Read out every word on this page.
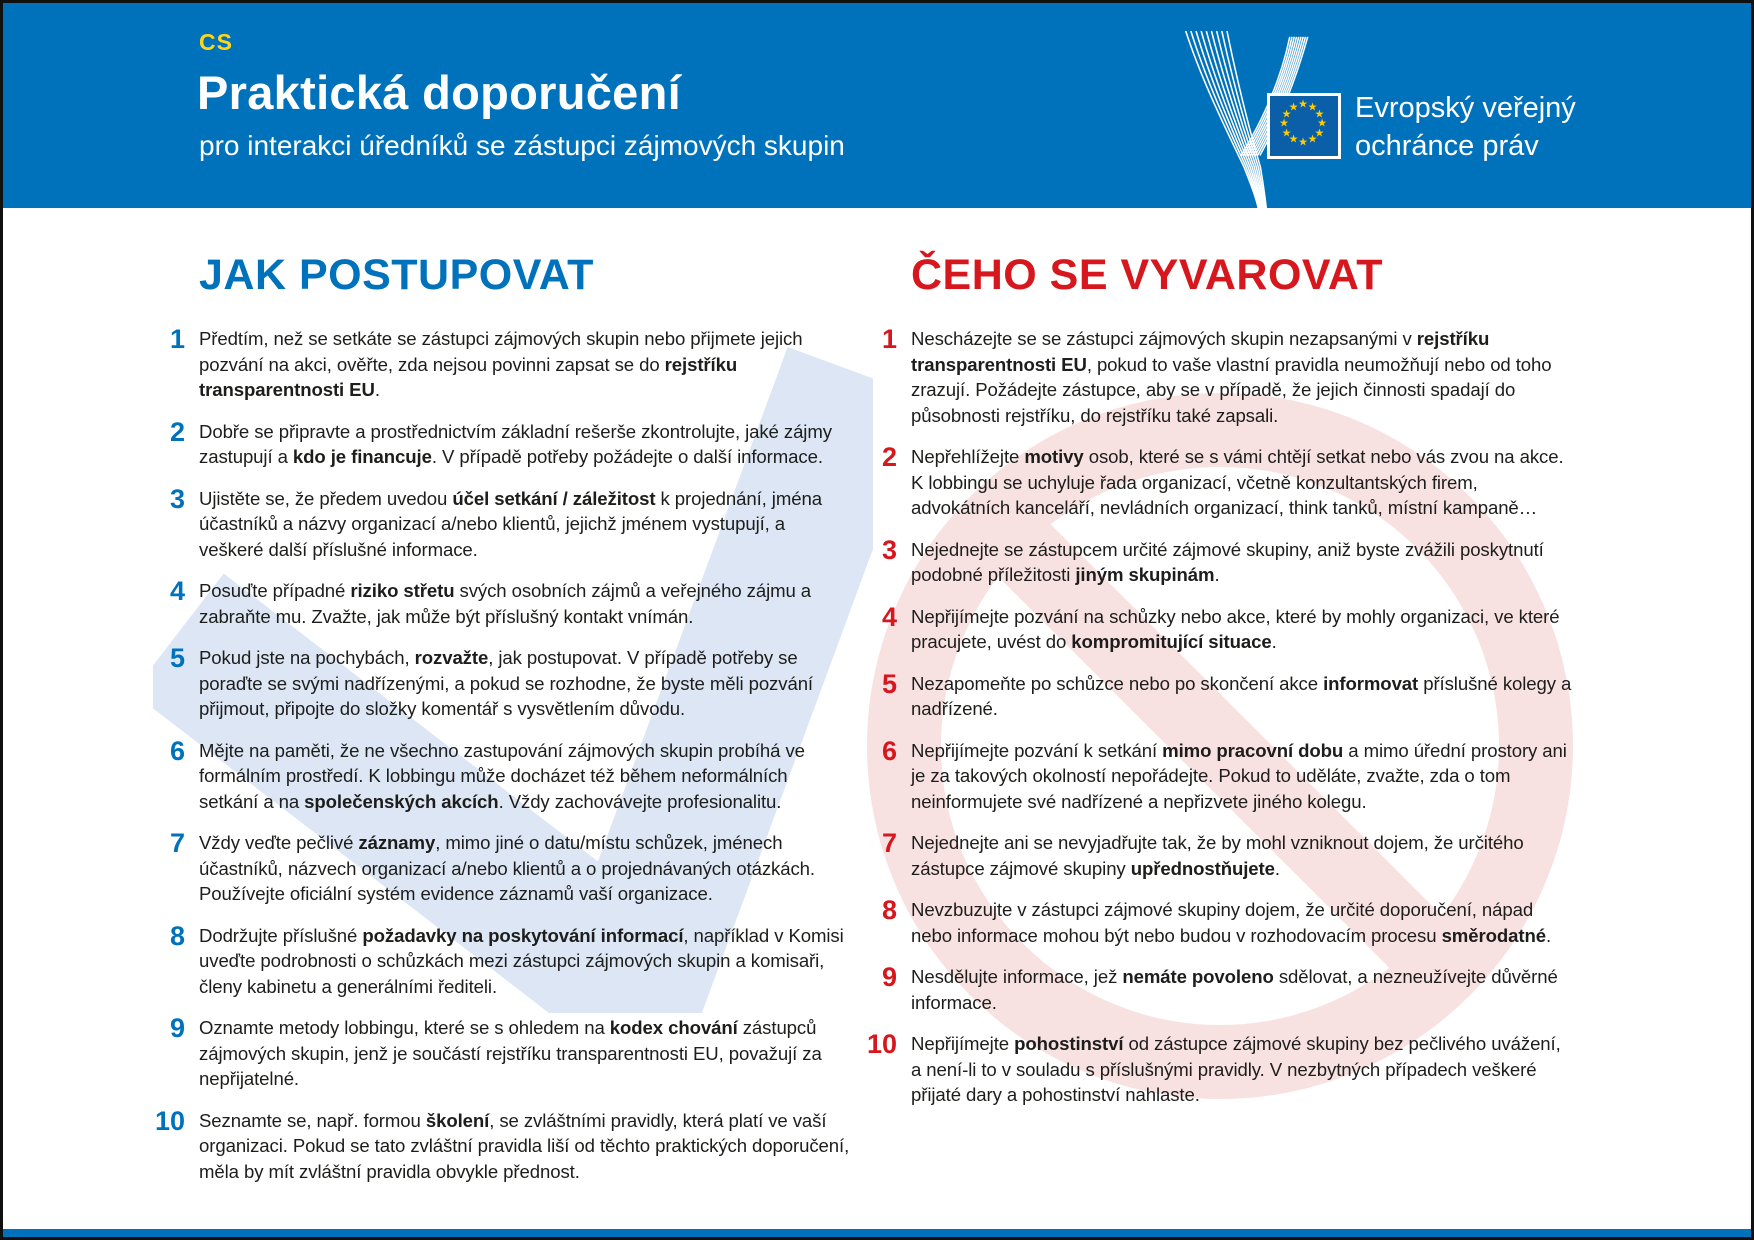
CS
Praktická doporučení

pro interakci úředníků se zástupci zájmových skupin

★ ★
★
★
★
★
★
★
★
★
★
★ Evropský veřejný
ochránce práv
JAK POSTUPOVAT
1 Předtím, než se setkáte se zástupci zájmových skupin nebo přijmete jejich pozvání na akci, ověřte, zda nejsou povinni zapsat se do rejstříku transparentnosti EU.
2 Dobře se připravte a prostřednictvím základní rešerše zkontrolujte, jaké zájmy zastupují a kdo je financuje. V případě potřeby požádejte o další informace.
3 Ujistěte se, že předem uvedou účel setkání / záležitost k projednání, jména účastníků a názvy organizací a/nebo klientů, jejichž jménem vystupují, a veškeré další příslušné informace.
4 Posuďte případné riziko střetu svých osobních zájmů a veřejného zájmu a zabraňte mu. Zvažte, jak může být příslušný kontakt vnímán.
5 Pokud jste na pochybách, rozvažte, jak postupovat. V případě potřeby se poraďte se svými nadřízenými, a pokud se rozhodne, že byste měli pozvání přijmout, připojte do složky komentář s vysvětlením důvodu.
6 Mějte na paměti, že ne všechno zastupování zájmových skupin probíhá ve formálním prostředí. K lobbingu může docházet též během neformálních setkání a na společenských akcích. Vždy zachovávejte profesionalitu.
7 Vždy veďte pečlivé záznamy, mimo jiné o datu/místu schůzek, jménech účastníků, názvech organizací a/nebo klientů a o projednávaných otázkách. Používejte oficiální systém evidence záznamů vaší organizace.
8 Dodržujte příslušné požadavky na poskytování informací, například v Komisi uveďte podrobnosti o schůzkách mezi zástupci zájmových skupin a komisaři, členy kabinetu a generálními řediteli.
9 Oznamte metody lobbingu, které se s ohledem na kodex chování zástupců zájmových skupin, jenž je součástí rejstříku transparentnosti EU, považují za nepřijatelné.
10 Seznamte se, např. formou školení, se zvláštními pravidly, která platí ve vaší organizaci. Pokud se tato zvláštní pravidla liší od těchto praktických doporučení, měla by mít zvláštní pravidla obvykle přednost.
ČEHO SE VYVAROVAT
1 Nescházejte se se zástupci zájmových skupin nezapsanými v rejstříku transparentnosti EU, pokud to vaše vlastní pravidla neumožňují nebo od toho zrazují. Požádejte zástupce, aby se v případě, že jejich činnosti spadají do působnosti rejstříku, do rejstříku také zapsali.
2 Nepřehlížejte motivy osob, které se s vámi chtějí setkat nebo vás zvou na akce. K lobbingu se uchyluje řada organizací, včetně konzultantských firem, advokátních kanceláří, nevládních organizací, think tanků, místní kampaně…
3 Nejednejte se zástupcem určité zájmové skupiny, aniž byste zvážili poskytnutí podobné příležitosti jiným skupinám.
4 Nepřijímejte pozvání na schůzky nebo akce, které by mohly organizaci, ve které pracujete, uvést do kompromitující situace.
5 Nezapomeňte po schůzce nebo po skončení akce informovat příslušné kolegy a nadřízené.
6 Nepřijímejte pozvání k setkání mimo pracovní dobu a mimo úřední prostory ani je za takových okolností nepořádejte. Pokud to uděláte, zvažte, zda o tom neinformujete své nadřízené a nepřizvete jiného kolegu.
7 Nejednejte ani se nevyjadřujte tak, že by mohl vzniknout dojem, že určitého zástupce zájmové skupiny upřednostňujete.
8 Nevzbuzujte v zástupci zájmové skupiny dojem, že určité doporučení, nápad nebo informace mohou být nebo budou v rozhodovacím procesu směrodatné.
9 Nesdělujte informace, jež nemáte povoleno sdělovat, a nezneužívejte důvěrné informace.
10 Nepřijímejte pohostinství od zástupce zájmové skupiny bez pečlivého uvážení, a není-li to v souladu s příslušnými pravidly. V nezbytných případech veškeré přijaté dary a pohostinství nahlaste.
